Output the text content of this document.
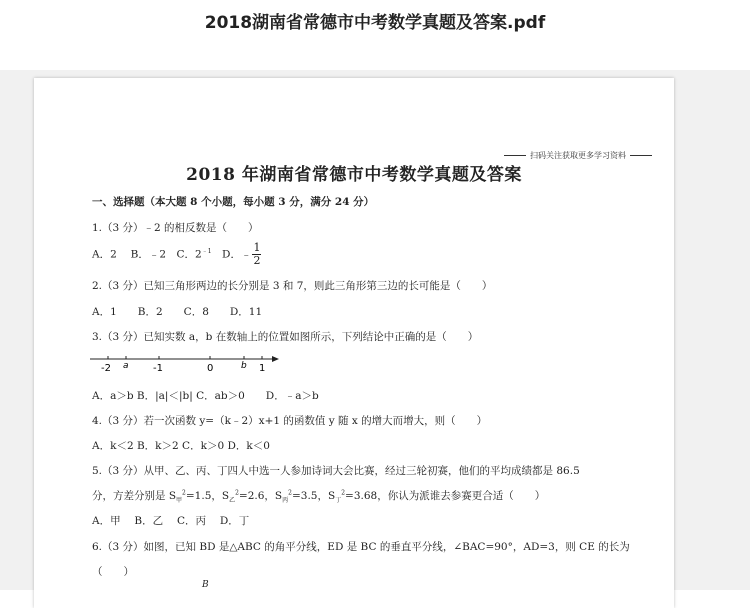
2018湖南省常德市中考数学真题及答案.pdf
扫码关注获取更多学习资料
2018 年湖南省常德市中考数学真题及答案
一、选择题（本大题 8 个小题，每小题 3 分，满分 24 分）
1.（3 分）﹣2 的相反数是（　　）
A．2　 B．﹣2　C．$2^{﹣1}$　D．﹣ $\frac{1}{2}$
2.（3 分）已知三角形两边的长分别是 3 和 7，则此三角形第三边的长可能是（　　）
A．1　　B．2　　C．8　　D．11
3.（3 分）已知实数 a，b 在数轴上的位置如图所示，下列结论中正确的是（　　）
-2 a -1	0	b 1
A．a＞b B．|a|＜|b| C．ab＞0　　D．﹣a＞b
4.（3 分）若一次函数 y=（k﹣2）x+1 的函数值 y 随 x 的增大而增大，则（　　）
A．k＜2 B．k＞2 C．k＞0 D．k＜0
5.（3 分）从甲、乙、丙、丁四人中选一人参加诗词大会比赛，经过三轮初赛，他们的平均成绩都是 86.5
分，方差分别是 $S_甲^2=1.5$，$S_乙^2=2.6$，$S_丙^2=3.5$，$S_丁^2=3.68$，你认为派谁去参赛更合适（　　）
A．甲　 B．乙　 C．丙　 D．丁
6.（3 分）如图，已知 BD 是△ABC 的角平分线，ED 是 BC 的垂直平分线，∠BAC=90°，AD=3，则 CE 的长为
（　　）
B
